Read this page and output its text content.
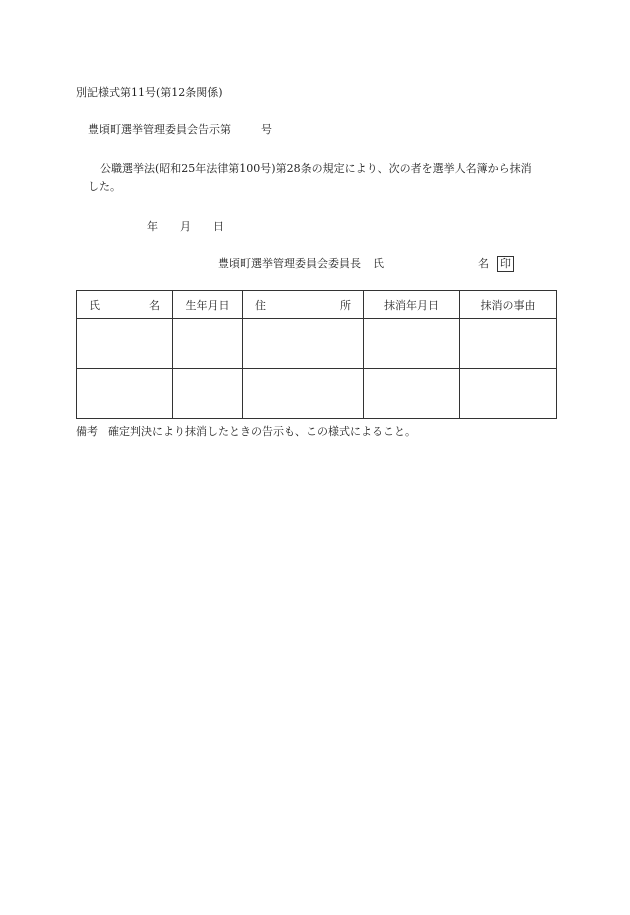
別記様式第11号(第12条関係)
豊頃町選挙管理委員会告示第	号
公職選挙法(昭和25年法律第100号)第28条の規定により、次の者を選挙人名簿から抹消
した。
年 月 日
豊頃町選挙管理委員会委員長 氏	名 印
氏 名	生年月日	住 所	抹消年月日	抹消の事由

備考 確定判決により抹消したときの告示も、この様式によること。
